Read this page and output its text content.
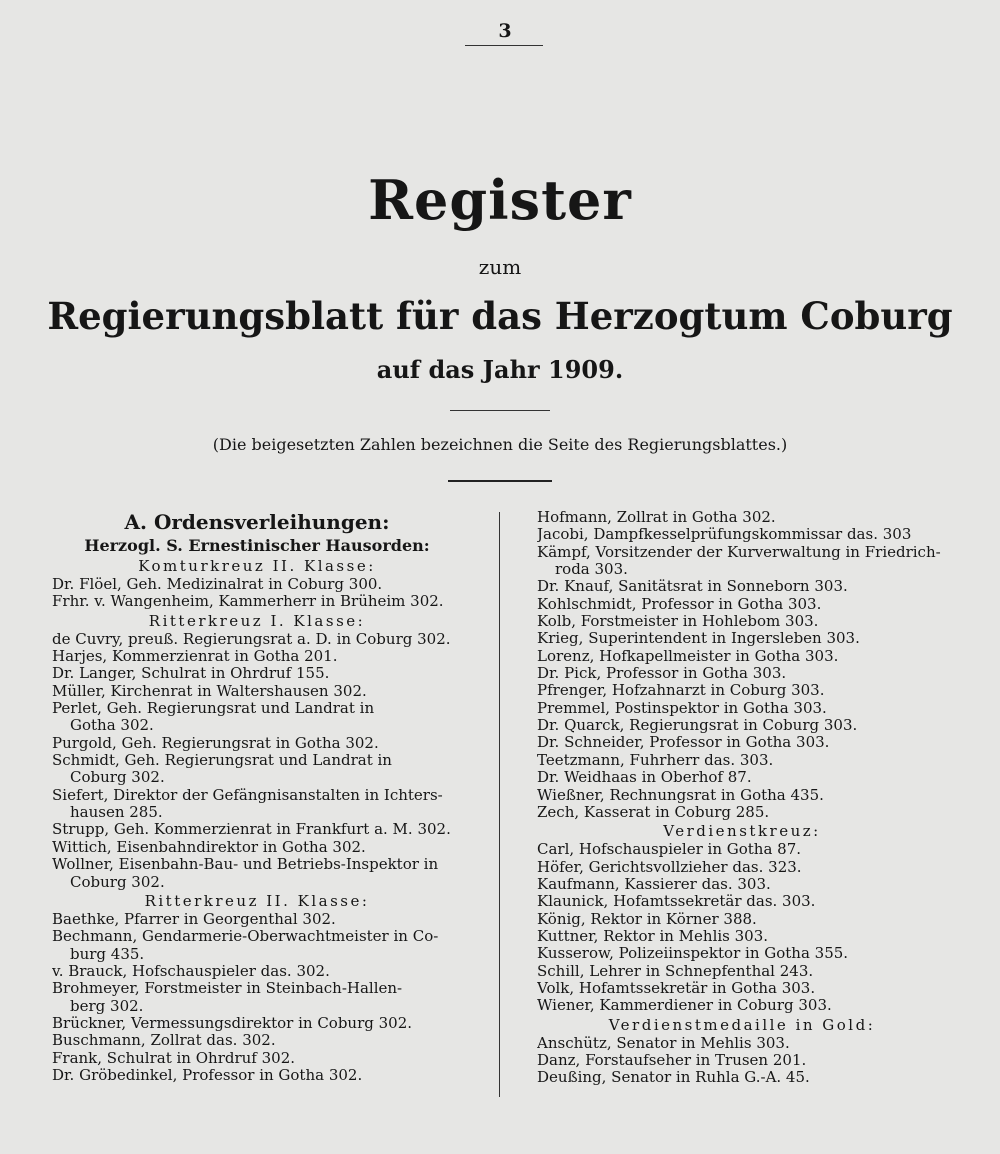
3
Register
zum
Regierungsblatt für das Herzogtum Coburg
auf das Jahr 1909.
(Die beigesetzten Zahlen bezeichnen die Seite des Regierungsblattes.)
A. Ordensverleihungen:
Herzogl. S. Ernestinischer Hausorden:
Komturkreuz II. Klasse:
Dr. Flöel, Geh. Medizinalrat in Coburg 300.
Frhr. v. Wangenheim, Kammerherr in Brüheim 302.
Ritterkreuz I. Klasse:
de Cuvry, preuß. Regierungsrat a. D. in Coburg 302.
Harjes, Kommerzienrat in Gotha 201.
Dr. Langer, Schulrat in Ohrdruf 155.
Müller, Kirchenrat in Waltershausen 302.
Perlet, Geh. Regierungsrat und Landrat in
Gotha 302.
Purgold, Geh. Regierungsrat in Gotha 302.
Schmidt, Geh. Regierungsrat und Landrat in
Coburg 302.
Siefert, Direktor der Gefängnisanstalten in Ichters-
hausen 285.
Strupp, Geh. Kommerzienrat in Frankfurt a. M. 302.
Wittich, Eisenbahndirektor in Gotha 302.
Wollner, Eisenbahn-Bau- und Betriebs-Inspektor in
Coburg 302.
Ritterkreuz II. Klasse:
Baethke, Pfarrer in Georgenthal 302.
Bechmann, Gendarmerie-Oberwachtmeister in Co-
burg 435.
v. Brauck, Hofschauspieler das. 302.
Brohmeyer, Forstmeister in Steinbach-Hallen-
berg 302.
Brückner, Vermessungsdirektor in Coburg 302.
Buschmann, Zollrat das. 302.
Frank, Schulrat in Ohrdruf 302.
Dr. Gröbedinkel, Professor in Gotha 302.
Hofmann, Zollrat in Gotha 302.
Jacobi, Dampfkesselprüfungskommissar das. 303
Kämpf, Vorsitzender der Kurverwaltung in Friedrich-
roda 303.
Dr. Knauf, Sanitätsrat in Sonneborn 303.
Kohlschmidt, Professor in Gotha 303.
Kolb, Forstmeister in Hohlebom 303.
Krieg, Superintendent in Ingersleben 303.
Lorenz, Hofkapellmeister in Gotha 303.
Dr. Pick, Professor in Gotha 303.
Pfrenger, Hofzahnarzt in Coburg 303.
Premmel, Postinspektor in Gotha 303.
Dr. Quarck, Regierungsrat in Coburg 303.
Dr. Schneider, Professor in Gotha 303.
Teetzmann, Fuhrherr das. 303.
Dr. Weidhaas in Oberhof 87.
Wießner, Rechnungsrat in Gotha 435.
Zech, Kasserat in Coburg 285.
Verdienstkreuz:
Carl, Hofschauspieler in Gotha 87.
Höfer, Gerichtsvollzieher das. 323.
Kaufmann, Kassierer das. 303.
Klaunick, Hofamtssekretär das. 303.
König, Rektor in Körner 388.
Kuttner, Rektor in Mehlis 303.
Kusserow, Polizeiinspektor in Gotha 355.
Schill, Lehrer in Schnepfenthal 243.
Volk, Hofamtssekretär in Gotha 303.
Wiener, Kammerdiener in Coburg 303.
Verdienstmedaille in Gold:
Anschütz, Senator in Mehlis 303.
Danz, Forstaufseher in Trusen 201.
Deußing, Senator in Ruhla G.-A. 45.
